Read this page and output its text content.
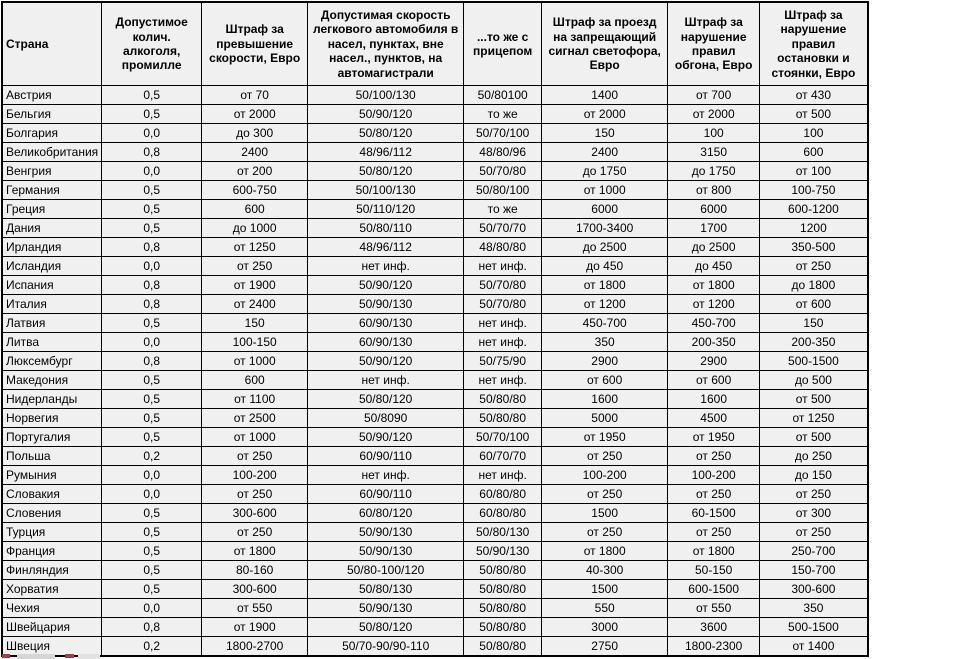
Страна	Допустимое колич. алкоголя, промилле	Штраф за превышение скорости, Евро	Допустимая скорость легкового автомобиля в насел, пунктах, вне насел., пунктов, на автомагистрали	...то же с прицепом	Штраф за проезд на запрещающий сигнал светофора, Евро	Штраф за нарушение правил обгона, Евро	Штраф за нарушение правил остановки и стоянки, Евро
Австрия	0,5	от 70	50/100/130	50/80100	1400	от 700	от 430
Бельгия	0,5	от 2000	50/90/120	то же	от 2000	от 2000	от 500
Болгария	0,0	до 300	50/80/120	50/70/100	150	100	100
Великобритания	0,8	2400	48/96/112	48/80/96	2400	3150	600
Венгрия	0,0	от 200	50/80/120	50/70/80	до 1750	до 1750	от 100
Германия	0,5	600-750	50/100/130	50/80/100	от 1000	от 800	100-750
Греция	0,5	600	50/110/120	то же	6000	6000	600-1200
Дания	0,5	до 1000	50/80/110	50/70/70	1700-3400	1700	1200
Ирландия	0,8	от 1250	48/96/112	48/80/80	до 2500	до 2500	350-500
Исландия	0,0	от 250	нет инф.	нет инф.	до 450	до 450	от 250
Испания	0,8	от 1900	50/90/120	50/70/80	от 1800	от 1800	до 1800
Италия	0,8	от 2400	50/90/130	50/70/80	от 1200	от 1200	от 600
Латвия	0,5	150	60/90/130	нет инф.	450-700	450-700	150
Литва	0,0	100-150	60/90/130	нет инф.	350	200-350	200-350
Люксембург	0,8	от 1000	50/90/120	50/75/90	2900	2900	500-1500
Македония	0,5	600	нет инф.	нет инф.	от 600	от 600	до 500
Нидерланды	0,5	от 1100	50/80/120	50/80/80	1600	1600	от 500
Норвегия	0,5	от 2500	50/8090	50/80/80	5000	4500	от 1250
Португалия	0,5	от 1000	50/90/120	50/70/100	от 1950	от 1950	от 500
Польша	0,2	от 250	60/90/110	60/70/70	от 250	от 250	до 250
Румыния	0,0	100-200	нет инф.	нет инф.	100-200	100-200	до 150
Словакия	0,0	от 250	60/90/110	60/80/80	от 250	от 250	от 250
Словения	0,5	300-600	60/80/120	60/80/80	1500	60-1500	от 300
Турция	0,5	от 250	50/90/130	50/80/130	от 250	от 250	от 250
Франция	0,5	от 1800	50/90/130	50/90/130	от 1800	от 1800	250-700
Финляндия	0,5	80-160	50/80-100/120	50/80/80	40-300	50-150	150-700
Хорватия	0,5	300-600	50/80/130	50/80/80	1500	600-1500	300-600
Чехия	0,0	от 550	50/90/130	50/80/80	550	от 550	350
Швейцария	0,8	от 1900	50/80/120	50/80/80	3000	3600	500-1500
Швеция	0,2	1800-2700	50/70-90/90-110	50/80/80	2750	1800-2300	от 1400
